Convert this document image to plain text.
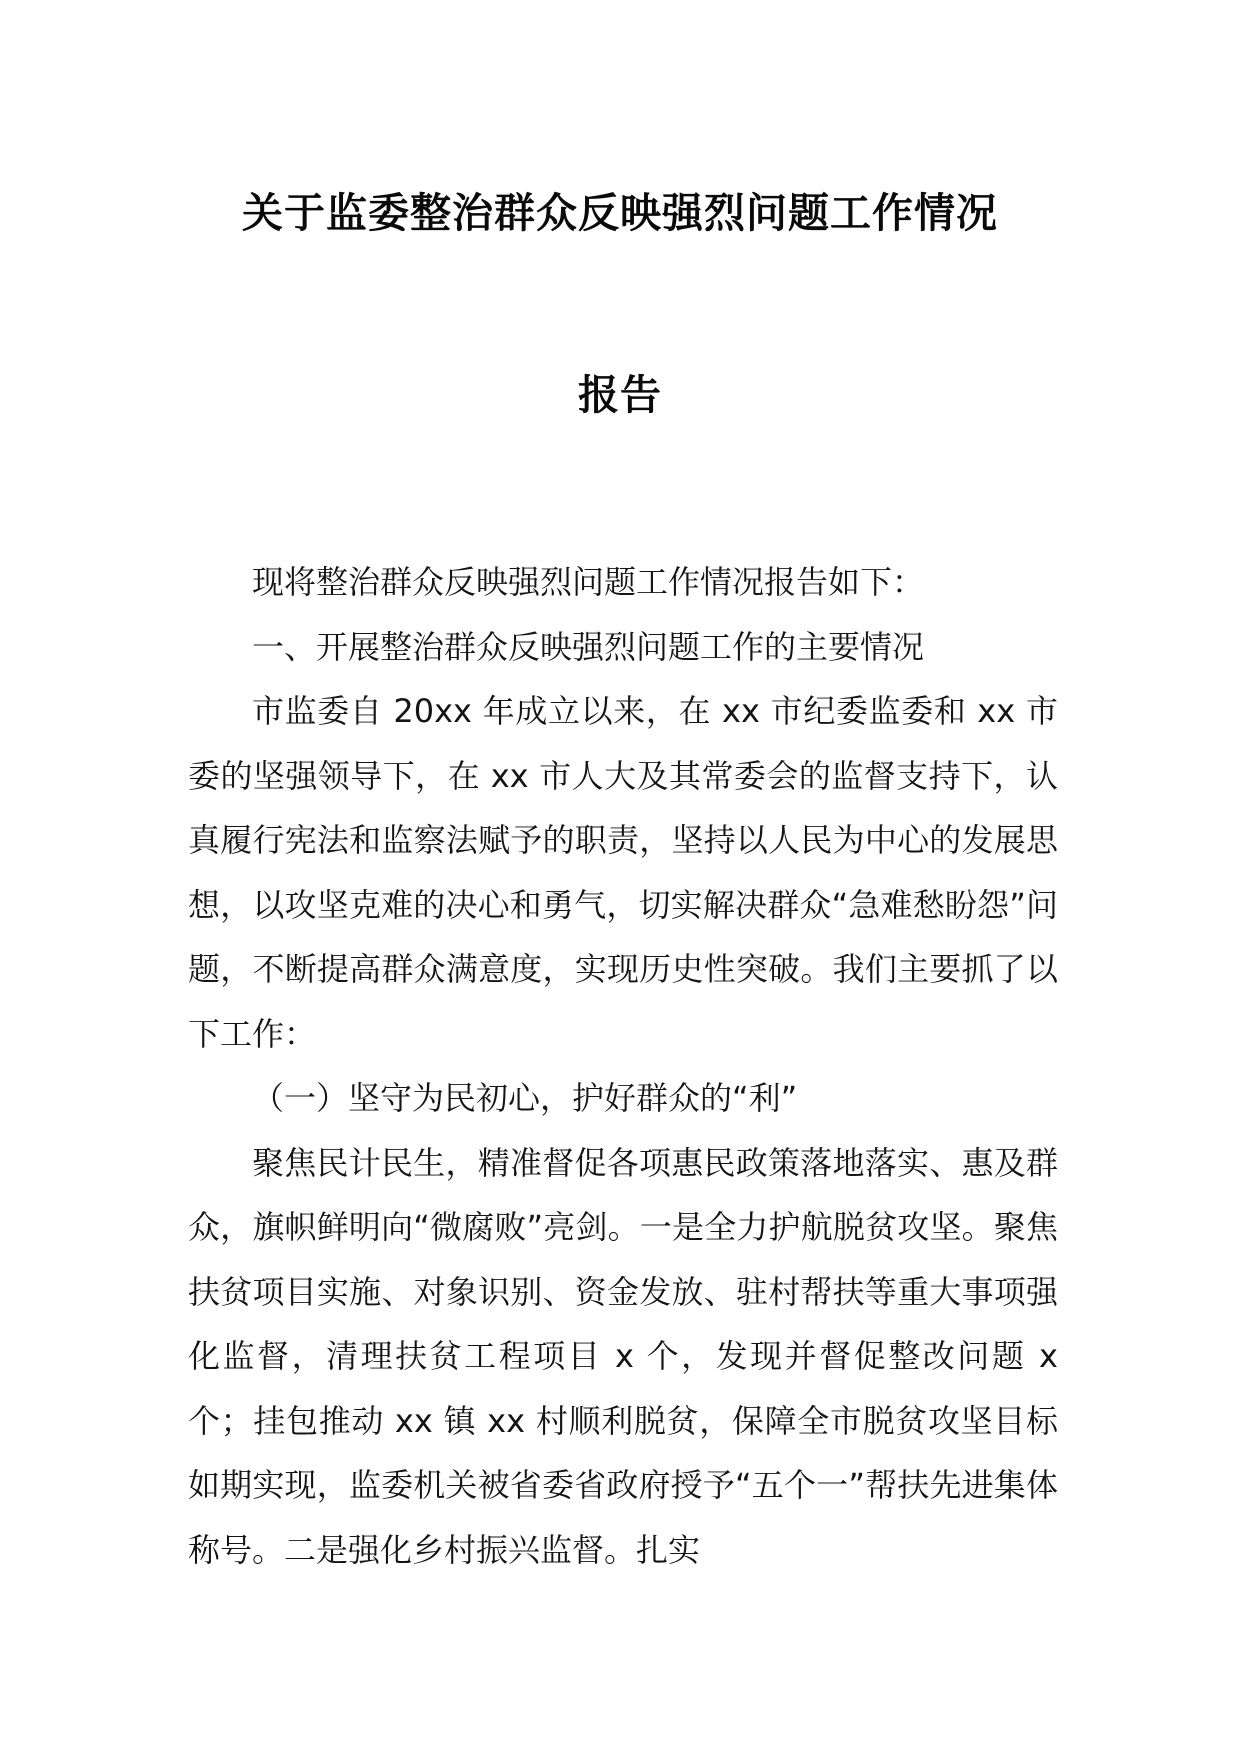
关于监委整治群众反映强烈问题工作情况
报告

现将整治群众反映强烈问题工作情况报告如下：

一、开展整治群众反映强烈问题工作的主要情况

市监委自 20xx 年成立以来，在 xx 市纪委监委和 xx 市委的坚强领导下，在 xx 市人大及其常委会的监督支持下，认真履行宪法和监察法赋予的职责，坚持以人民为中心的发展思想，以攻坚克难的决心和勇气，切实解决群众“急难愁盼怨”问题，不断提高群众满意度，实现历史性突破。我们主要抓了以下工作：

（一）坚守为民初心，护好群众的“利”

聚焦民计民生，精准督促各项惠民政策落地落实、惠及群众，旗帜鲜明向“微腐败”亮剑。一是全力护航脱贫攻坚。聚焦扶贫项目实施、对象识别、资金发放、驻村帮扶等重大事项强化监督，清理扶贫工程项目 x 个，发现并督促整改问题 x 个；挂包推动 xx 镇 xx 村顺利脱贫，保障全市脱贫攻坚目标如期实现，监委机关被省委省政府授予“五个一”帮扶先进集体称号。二是强化乡村振兴监督。扎实
